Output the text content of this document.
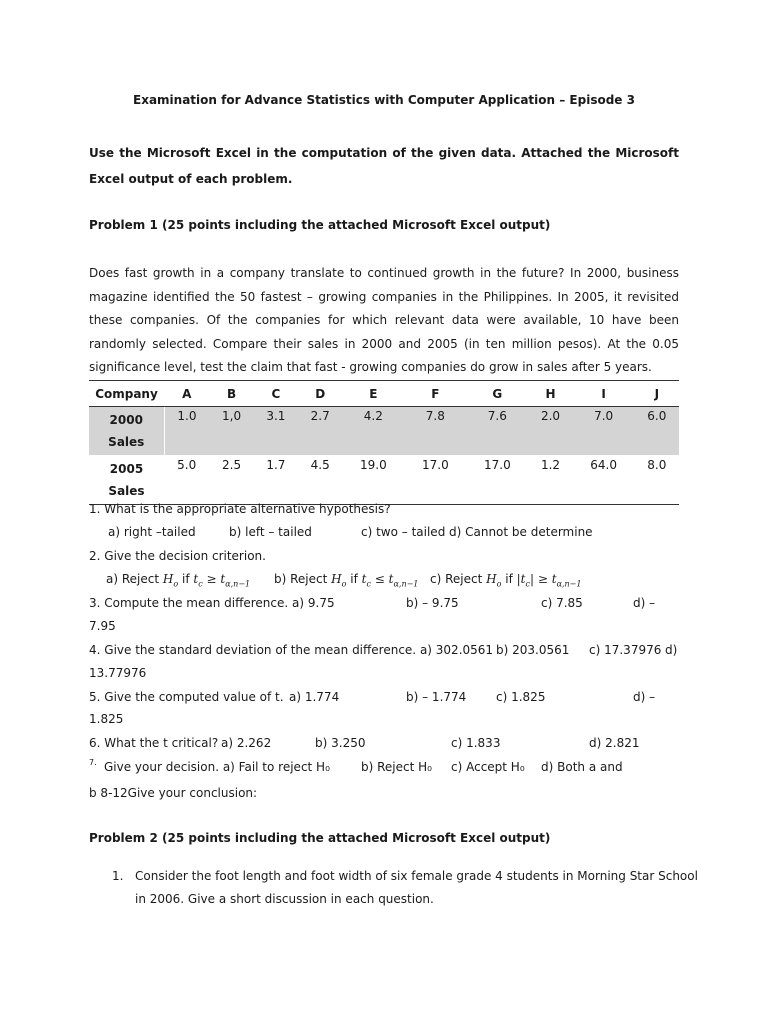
Examination for Advance Statistics with Computer Application – Episode 3
Use the Microsoft Excel in the computation of the given data. Attached the Microsoft Excel output of each problem.
Problem 1 (25 points including the attached Microsoft Excel output)
Does fast growth in a company translate to continued growth in the future? In 2000, business magazine identified the 50 fastest – growing companies in the Philippines. In 2005, it revisited these companies. Of the companies for which relevant data were available, 10 have been randomly selected. Compare their sales in 2000 and 2005 (in ten million pesos). At the 0.05 significance level, test the claim that fast - growing companies do grow in sales after 5 years.
Company	A	B	C	D	E	F	G	H	I	J

2000
Sales	1.0	1,0	3.1	2.7	4.2	7.8	7.6	2.0	7.0	6.0

2005
Sales	5.0	2.5	1.7	4.5	19.0	17.0	17.0	1.2	64.0	8.0
1. What is the appropriate alternative hypothesis?
a) right –tailed	b) left – tailed	c) two – tailed d) Cannot be determine
2. Give the decision criterion.
a) Reject $H_o$ if $t_c \ge t_{\alpha,n-1}$ b) Reject $H_o$ if $t_c \le t_{\alpha,n-1}$ c) Reject $H_o$ if $|t_c| \ge t_{\alpha,n-1}$
3. Compute the mean difference. a) 9.75	b) – 9.75	c) 7.85	d) –
7.95
4. Give the standard deviation of the mean difference. a) 302.0561 b) 203.0561 c) 17.37976 d)
13.77976
5. Give the computed value of t. a) 1.774	b) – 1.774 c) 1.825	d) –
1.825
6. What the t critical? a) 2.262	b) 3.250	c) 1.833	d) 2.821
7. Give your decision. a) Fail to reject H₀	b) Reject H₀ c) Accept H₀ d) Both a and
b 8-12Give your conclusion:
Problem 2 (25 points including the attached Microsoft Excel output)
1. Consider the foot length and foot width of six female grade 4 students in Morning Star School
in 2006. Give a short discussion in each question.
